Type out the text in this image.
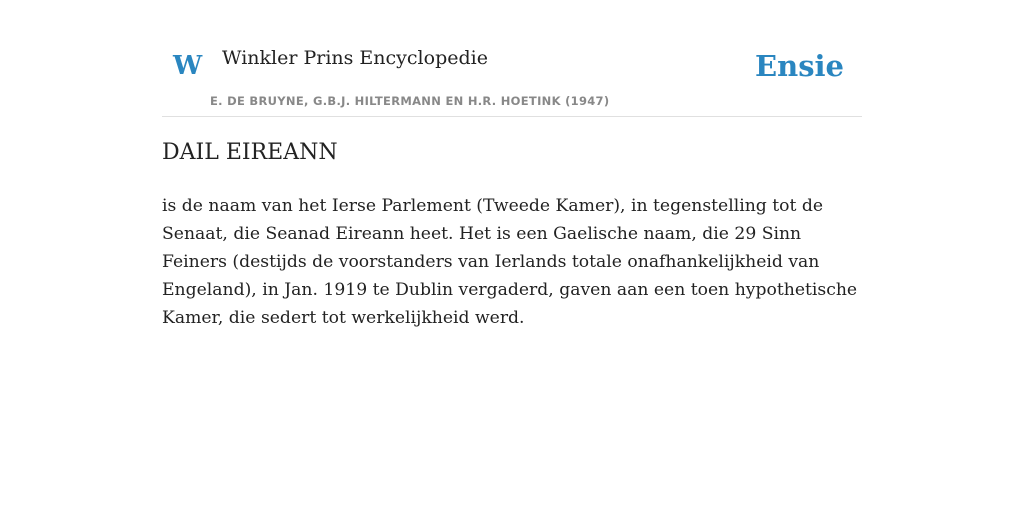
W Winkler Prins Encyclopedie
E. DE BRUYNE, G.B.J. HILTERMANN EN H.R. HOETINK (1947)
Ensie
DAIL EIREANN

is de naam van het Ierse Parlement (Tweede Kamer), in tegenstelling tot de Senaat, die Seanad Eireann heet. Het is een Gaelische naam, die 29 Sinn Feiners (destijds de voorstanders van Ierlands totale onafhankelijkheid van Engeland), in Jan. 1919 te Dublin vergaderd, gaven aan een toen hypothetische Kamer, die sedert tot werkelijkheid werd.
